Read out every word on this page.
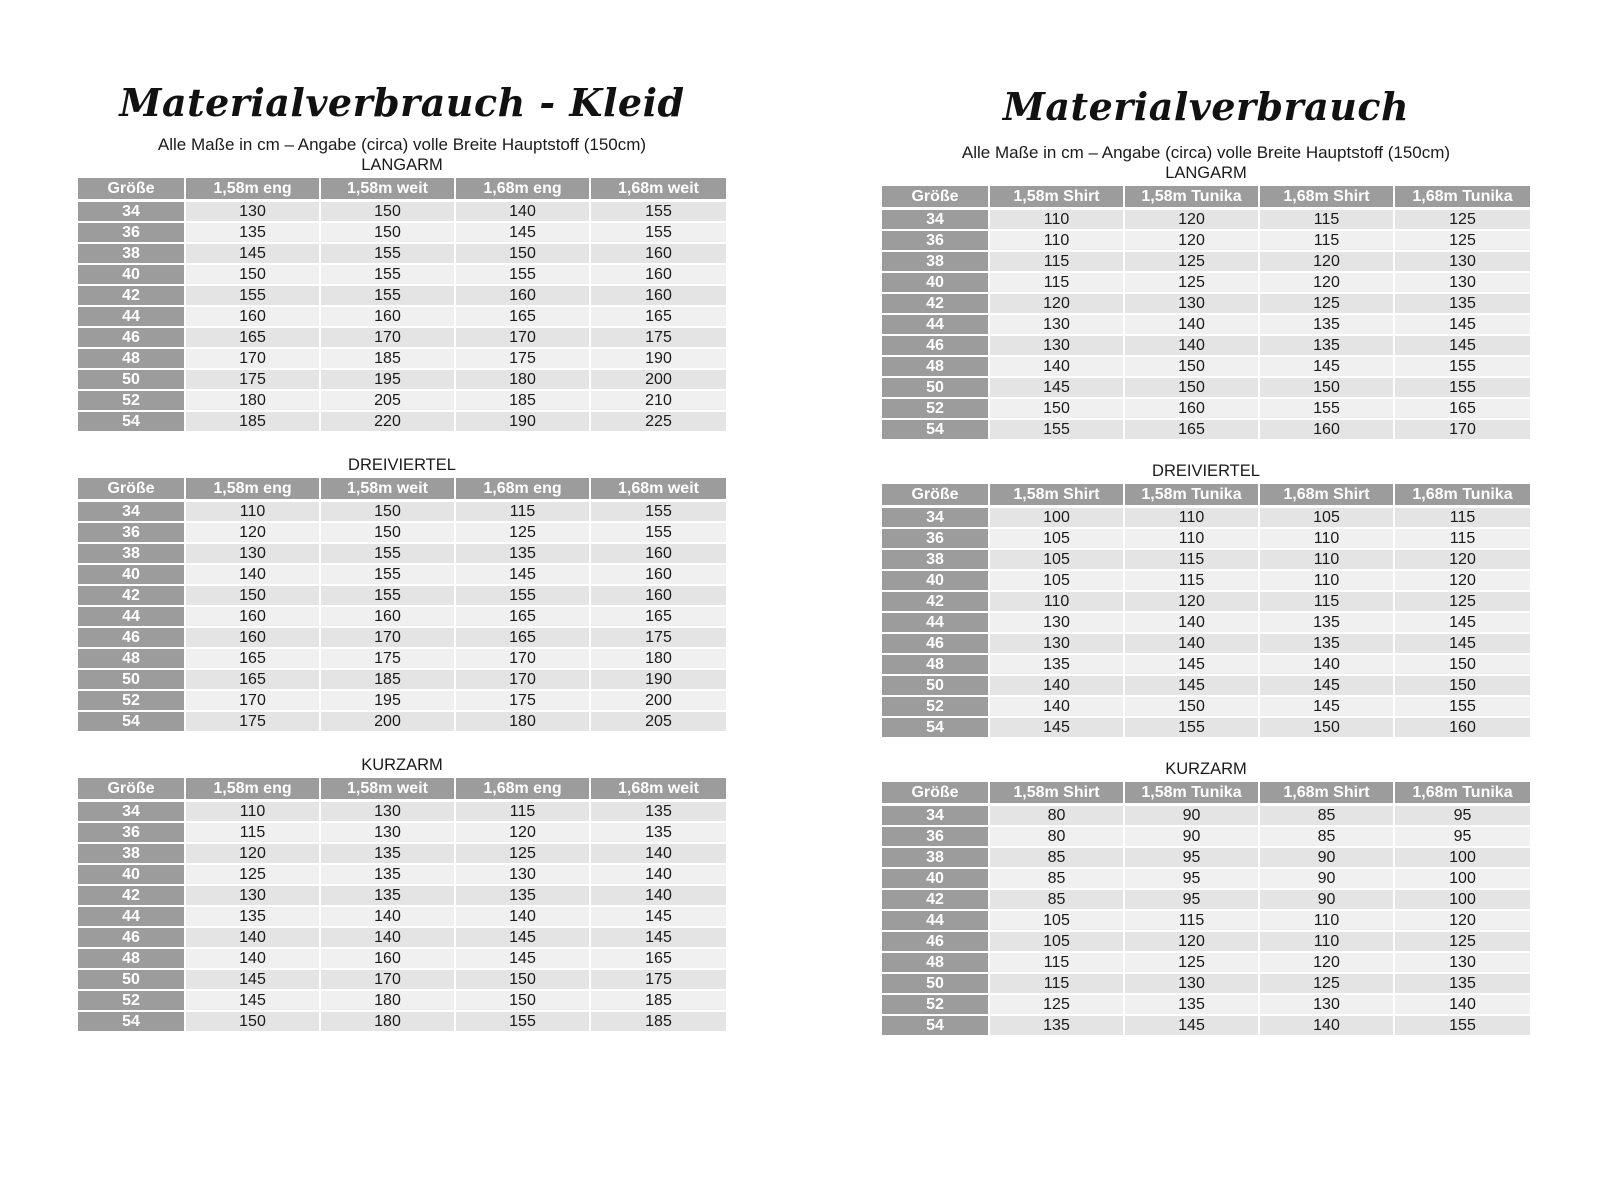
Materialverbrauch - Kleid
Alle Maße in cm – Angabe (circa) volle Breite Hauptstoff (150cm)
LANGARM
Größe	1,58m eng	1,58m weit	1,68m eng	1,68m weit
34	130	150	140	155
36	135	150	145	155
38	145	155	150	160
40	150	155	155	160
42	155	155	160	160
44	160	160	165	165
46	165	170	170	175
48	170	185	175	190
50	175	195	180	200
52	180	205	185	210
54	185	220	190	225
DREIVIERTEL
Größe	1,58m eng	1,58m weit	1,68m eng	1,68m weit
34	110	150	115	155
36	120	150	125	155
38	130	155	135	160
40	140	155	145	160
42	150	155	155	160
44	160	160	165	165
46	160	170	165	175
48	165	175	170	180
50	165	185	170	190
52	170	195	175	200
54	175	200	180	205
KURZARM
Größe	1,58m eng	1,58m weit	1,68m eng	1,68m weit
34	110	130	115	135
36	115	130	120	135
38	120	135	125	140
40	125	135	130	140
42	130	135	135	140
44	135	140	140	145
46	140	140	145	145
48	140	160	145	165
50	145	170	150	175
52	145	180	150	185
54	150	180	155	185
Materialverbrauch
Alle Maße in cm – Angabe (circa) volle Breite Hauptstoff (150cm)
LANGARM
Größe	1,58m Shirt	1,58m Tunika	1,68m Shirt	1,68m Tunika
34	110	120	115	125
36	110	120	115	125
38	115	125	120	130
40	115	125	120	130
42	120	130	125	135
44	130	140	135	145
46	130	140	135	145
48	140	150	145	155
50	145	150	150	155
52	150	160	155	165
54	155	165	160	170
DREIVIERTEL
Größe	1,58m Shirt	1,58m Tunika	1,68m Shirt	1,68m Tunika
34	100	110	105	115
36	105	110	110	115
38	105	115	110	120
40	105	115	110	120
42	110	120	115	125
44	130	140	135	145
46	130	140	135	145
48	135	145	140	150
50	140	145	145	150
52	140	150	145	155
54	145	155	150	160
KURZARM
Größe	1,58m Shirt	1,58m Tunika	1,68m Shirt	1,68m Tunika
34	80	90	85	95
36	80	90	85	95
38	85	95	90	100
40	85	95	90	100
42	85	95	90	100
44	105	115	110	120
46	105	120	110	125
48	115	125	120	130
50	115	130	125	135
52	125	135	130	140
54	135	145	140	155
